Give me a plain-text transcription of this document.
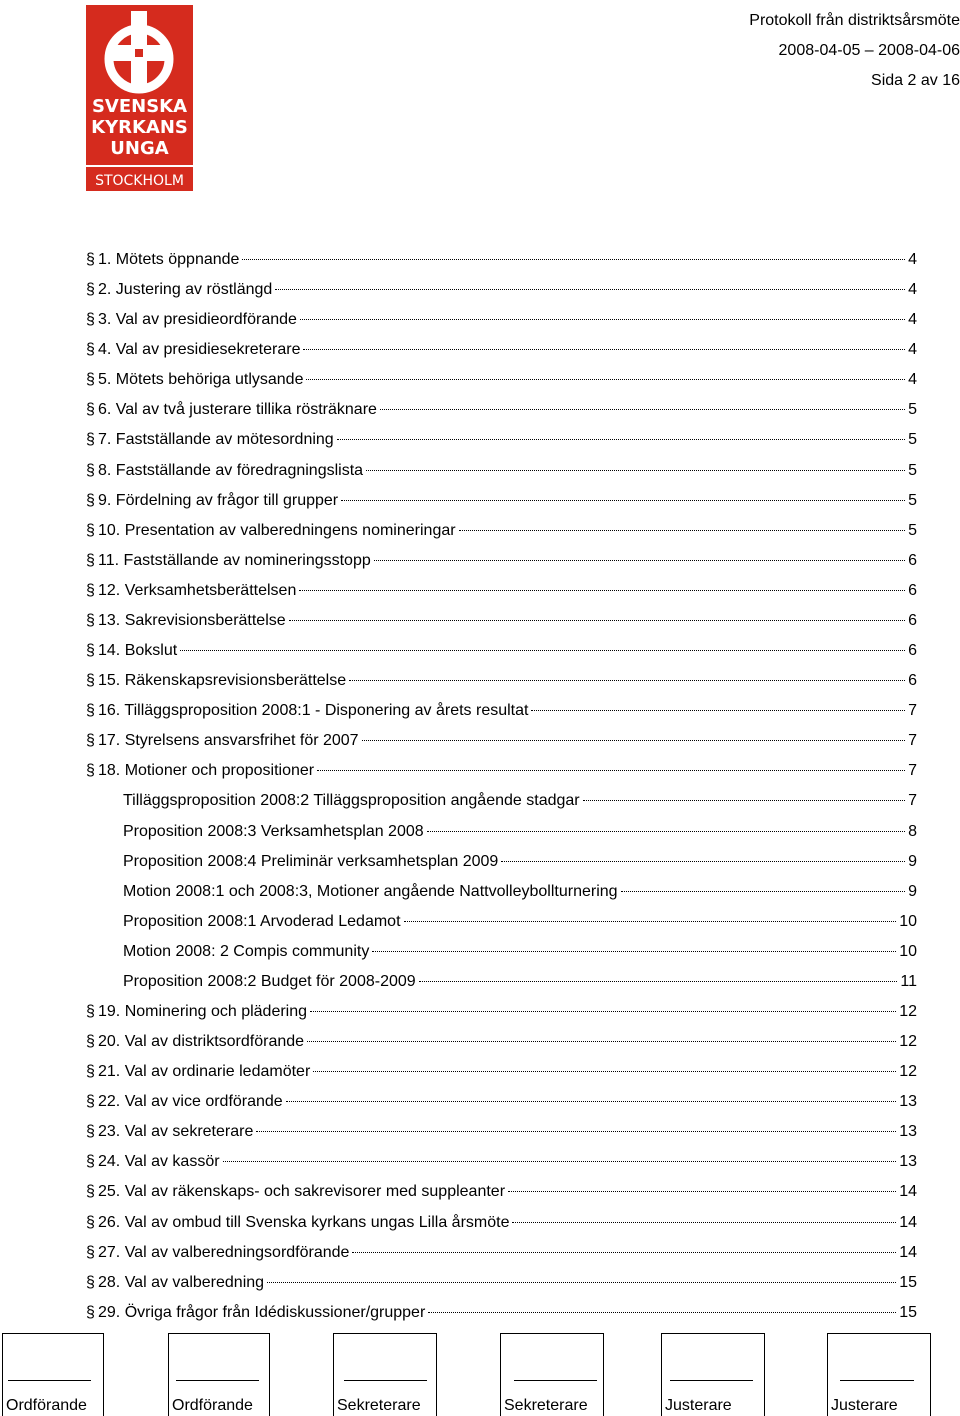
SVENSKA
KYRKANS
UNGA
STOCKHOLM
Protokoll från distriktsårsmöte
2008-04-05 – 2008-04-06
Sida 2 av 16
§ 1. Mötets öppnande	4
§ 2. Justering av röstlängd	4
§ 3. Val av presidieordförande	4
§ 4. Val av presidiesekreterare	4
§ 5. Mötets behöriga utlysande	4
§ 6. Val av två justerare tillika rösträknare	5
§ 7. Fastställande av mötesordning	5
§ 8. Fastställande av föredragningslista	5
§ 9. Fördelning av frågor till grupper	5
§ 10. Presentation av valberedningens nomineringar	5
§ 11. Fastställande av nomineringsstopp	6
§ 12. Verksamhetsberättelsen	6
§ 13. Sakrevisionsberättelse	6
§ 14. Bokslut	6
§ 15. Räkenskapsrevisionsberättelse	6
§ 16. Tilläggsproposition 2008:1 - Disponering av årets resultat	7
§ 17. Styrelsens ansvarsfrihet för 2007	7
§ 18. Motioner och propositioner	7
Tilläggsproposition 2008:2 Tilläggsproposition angående stadgar	7
Proposition 2008:3 Verksamhetsplan 2008	8
Proposition 2008:4 Preliminär verksamhetsplan 2009	9
Motion 2008:1 och 2008:3, Motioner angående Nattvolleybollturnering	9
Proposition 2008:1 Arvoderad Ledamot	10
Motion 2008: 2 Compis community	10
Proposition 2008:2 Budget för 2008-2009	11
§ 19. Nominering och plädering	12
§ 20. Val av distriktsordförande	12
§ 21. Val av ordinarie ledamöter	12
§ 22. Val av vice ordförande	13
§ 23. Val av sekreterare	13
§ 24. Val av kassör	13
§ 25. Val av räkenskaps- och sakrevisorer med suppleanter	14
§ 26. Val av ombud till Svenska kyrkans ungas Lilla årsmöte	14
§ 27. Val av valberedningsordförande	14
§ 28. Val av valberedning	15
§ 29. Övriga frågor från Idédiskussioner/grupper	15
Ordförande	Ordförande	Sekreterare	Sekreterare	Justerare	Justerare
